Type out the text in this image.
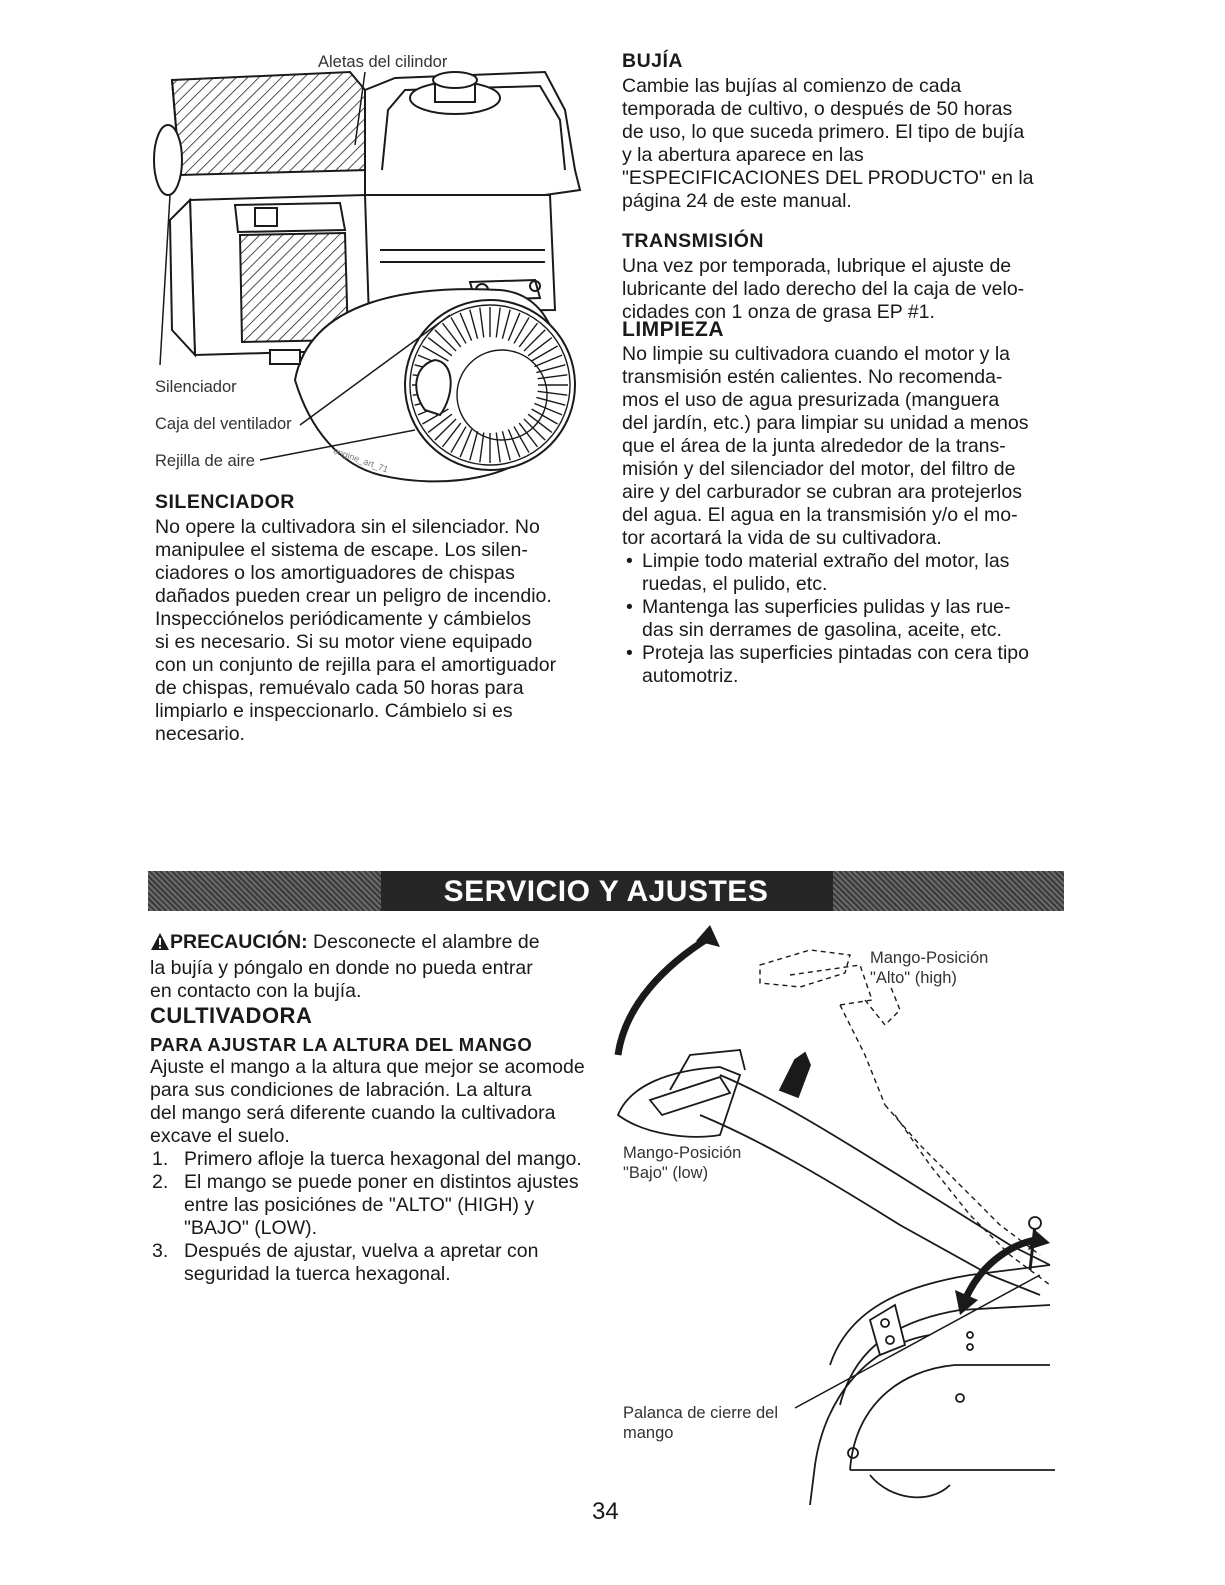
Aletas del cilindor
Silenciador
Caja del ventilador
Rejilla de aire	engine_art_71
SILENCIADOR
No opere la cultivadora sin el silenciador. No
manipulee el sistema de escape. Los silen-
ciadores o los amortiguadores de chispas
dañados pueden crear un peligro de incendio.
Inspecciónelos periódicamente y cámbielos
si es necesario. Si su motor viene equipado
con un conjunto de rejilla para el amortiguador
de chispas, remuévalo cada 50 horas para
limpiarlo e inspeccionarlo. Cámbielo si es
necesario.
BUJÍA
Cambie las bujías al comienzo de cada
temporada de cultivo, o después de 50 horas
de uso, lo que suceda primero. El tipo de bujía
y la abertura aparece en las
"ESPECIFICACIONES DEL PRODUCTO" en la
página 24 de este manual.
TRANSMISIÓN
Una vez por temporada, lubrique el ajuste de
lubricante del lado derecho del la caja de velo-
cidades con 1 onza de grasa EP #1.
LIMPIEZA
No limpie su cultivadora cuando el motor y la
transmisión estén calientes. No recomenda-
mos el uso de agua presurizada (manguera
del jardín, etc.) para limpiar su unidad a menos
que el área de la junta alrededor de la trans-
misión y del silenciador del motor, del filtro de
aire y del carburador se cubran ara protejerlos
del agua. El agua en la transmisión y/o el mo-
tor acortará la vida de su cultivadora.
• Limpie todo material extraño del motor, las
ruedas, el pulido, etc.
• Mantenga las superficies pulidas y las rue-
das sin derrames de gasolina, aceite, etc.
• Proteja las superficies pintadas con cera tipo
automotriz.
SERVICIO Y AJUSTES
PRECAUCIÓN: Desconecte el alambre de
la bujía y póngalo en donde no pueda entrar
en contacto con la bujía.
CULTIVADORA
PARA AJUSTAR LA ALTURA DEL MANGO
Ajuste el mango a la altura que mejor se acomode
para sus condiciones de labración. La altura
del mango será diferente cuando la cultivadora
excave el suelo.
1. Primero afloje la tuerca hexagonal del mango.
2. El mango se puede poner en distintos ajustes
entre las posiciónes de "ALTO" (HIGH) y
"BAJO" (LOW).
3. Después de ajustar, vuelva a apretar con
seguridad la tuerca hexagonal.
Mango-Posición
"Alto" (high)
Mango-Posición
"Bajo" (low)
Palanca de cierre del
mango
34
